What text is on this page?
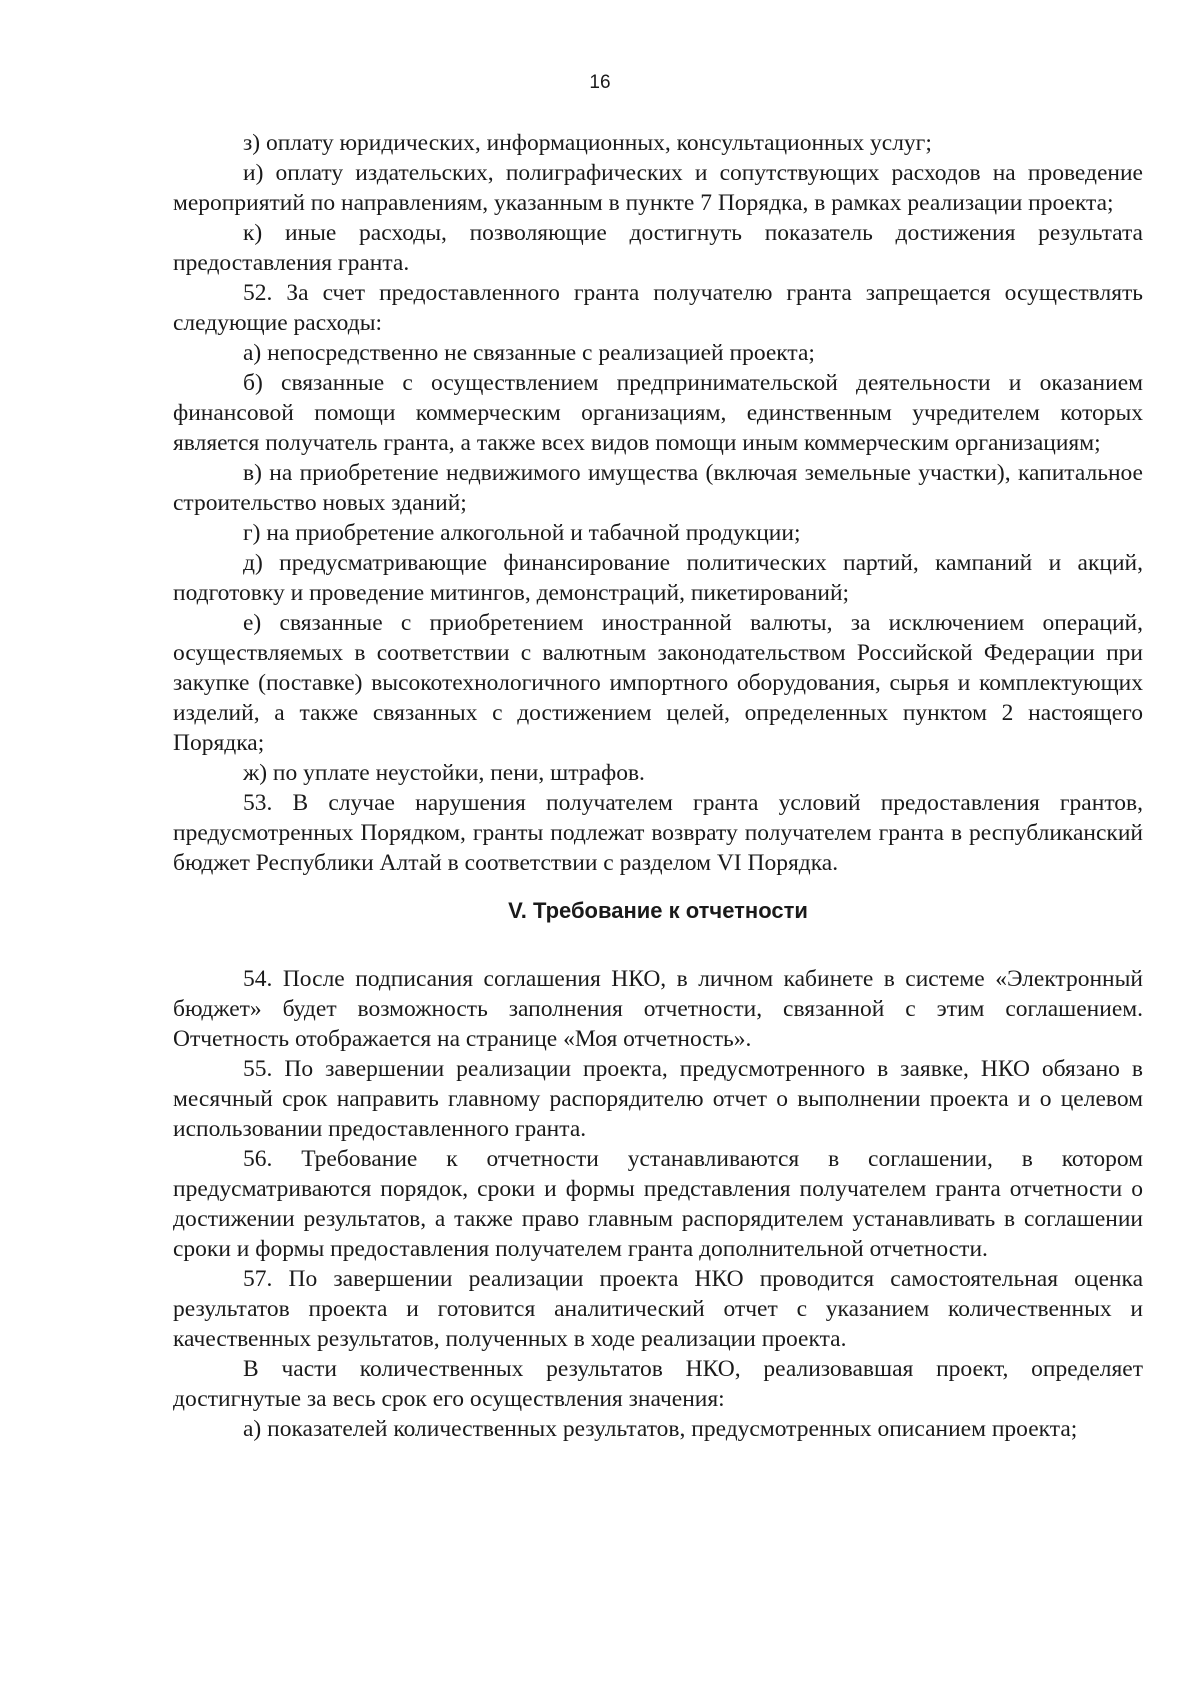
16

з) оплату юридических, информационных, консультационных услуг;

и) оплату издательских, полиграфических и сопутствующих расходов на проведение мероприятий по направлениям, указанным в пункте 7 Порядка, в рамках реализации проекта;

к) иные расходы, позволяющие достигнуть показатель достижения результата предоставления гранта.

52. За счет предоставленного гранта получателю гранта запрещается осуществлять следующие расходы:

а) непосредственно не связанные с реализацией проекта;

б) связанные с осуществлением предпринимательской деятельности и оказанием финансовой помощи коммерческим организациям, единственным учредителем которых является получатель гранта, а также всех видов помощи иным коммерческим организациям;

в) на приобретение недвижимого имущества (включая земельные участки), капитальное строительство новых зданий;

г) на приобретение алкогольной и табачной продукции;

д) предусматривающие финансирование политических партий, кампаний и акций, подготовку и проведение митингов, демонстраций, пикетирований;

е) связанные с приобретением иностранной валюты, за исключением операций, осуществляемых в соответствии с валютным законодательством Российской Федерации при закупке (поставке) высокотехнологичного импортного оборудования, сырья и комплектующих изделий, а также связанных с достижением целей, определенных пунктом 2 настоящего Порядка;

ж) по уплате неустойки, пени, штрафов.

53. В случае нарушения получателем гранта условий предоставления грантов, предусмотренных Порядком, гранты подлежат возврату получателем гранта в республиканский бюджет Республики Алтай в соответствии с разделом VI Порядка.

V. Требование к отчетности

54. После подписания соглашения НКО, в личном кабинете в системе «Электронный бюджет» будет возможность заполнения отчетности, связанной с этим соглашением. Отчетность отображается на странице «Моя отчетность».

55. По завершении реализации проекта, предусмотренного в заявке, НКО обязано в месячный срок направить главному распорядителю отчет о выполнении проекта и о целевом использовании предоставленного гранта.

56. Требование к отчетности устанавливаются в соглашении, в котором предусматриваются порядок, сроки и формы представления получателем гранта отчетности о достижении результатов, а также право главным распорядителем устанавливать в соглашении сроки и формы предоставления получателем гранта дополнительной отчетности.

57. По завершении реализации проекта НКО проводится самостоятельная оценка результатов проекта и готовится аналитический отчет с указанием количественных и качественных результатов, полученных в ходе реализации проекта.

В части количественных результатов НКО, реализовавшая проект, определяет достигнутые за весь срок его осуществления значения:

а) показателей количественных результатов, предусмотренных описанием проекта;
